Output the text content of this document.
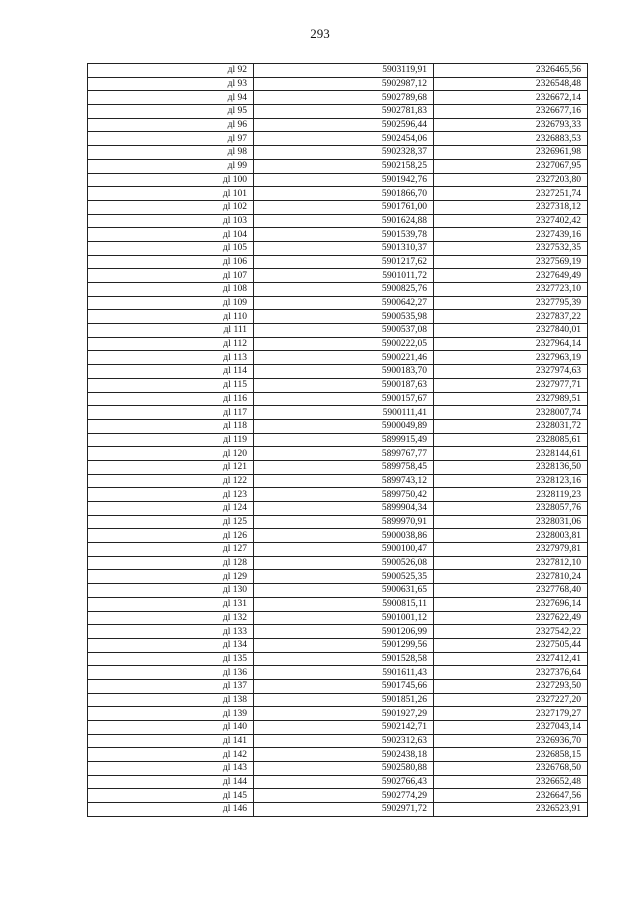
293
дl 92	5903119,91	2326465,56
дl 93	5902987,12	2326548,48
дl 94	5902789,68	2326672,14
дl 95	5902781,83	2326677,16
дl 96	5902596,44	2326793,33
дl 97	5902454,06	2326883,53
дl 98	5902328,37	2326961,98
дl 99	5902158,25	2327067,95
дl 100	5901942,76	2327203,80
дl 101	5901866,70	2327251,74
дl 102	5901761,00	2327318,12
дl 103	5901624,88	2327402,42
дl 104	5901539,78	2327439,16
дl 105	5901310,37	2327532,35
дl 106	5901217,62	2327569,19
дl 107	5901011,72	2327649,49
дl 108	5900825,76	2327723,10
дl 109	5900642,27	2327795,39
дl 110	5900535,98	2327837,22
дl 111	5900537,08	2327840,01
дl 112	5900222,05	2327964,14
дl 113	5900221,46	2327963,19
дl 114	5900183,70	2327974,63
дl 115	5900187,63	2327977,71
дl 116	5900157,67	2327989,51
дl 117	5900111,41	2328007,74
дl 118	5900049,89	2328031,72
дl 119	5899915,49	2328085,61
дl 120	5899767,77	2328144,61
дl 121	5899758,45	2328136,50
дl 122	5899743,12	2328123,16
дl 123	5899750,42	2328119,23
дl 124	5899904,34	2328057,76
дl 125	5899970,91	2328031,06
дl 126	5900038,86	2328003,81
дl 127	5900100,47	2327979,81
дl 128	5900526,08	2327812,10
дl 129	5900525,35	2327810,24
дl 130	5900631,65	2327768,40
дl 131	5900815,11	2327696,14
дl 132	5901001,12	2327622,49
дl 133	5901206,99	2327542,22
дl 134	5901299,56	2327505,44
дl 135	5901528,58	2327412,41
дl 136	5901611,43	2327376,64
дl 137	5901745,66	2327293,50
дl 138	5901851,26	2327227,20
дl 139	5901927,29	2327179,27
дl 140	5902142,71	2327043,14
дl 141	5902312,63	2326936,70
дl 142	5902438,18	2326858,15
дl 143	5902580,88	2326768,50
дl 144	5902766,43	2326652,48
дl 145	5902774,29	2326647,56
дl 146	5902971,72	2326523,91
